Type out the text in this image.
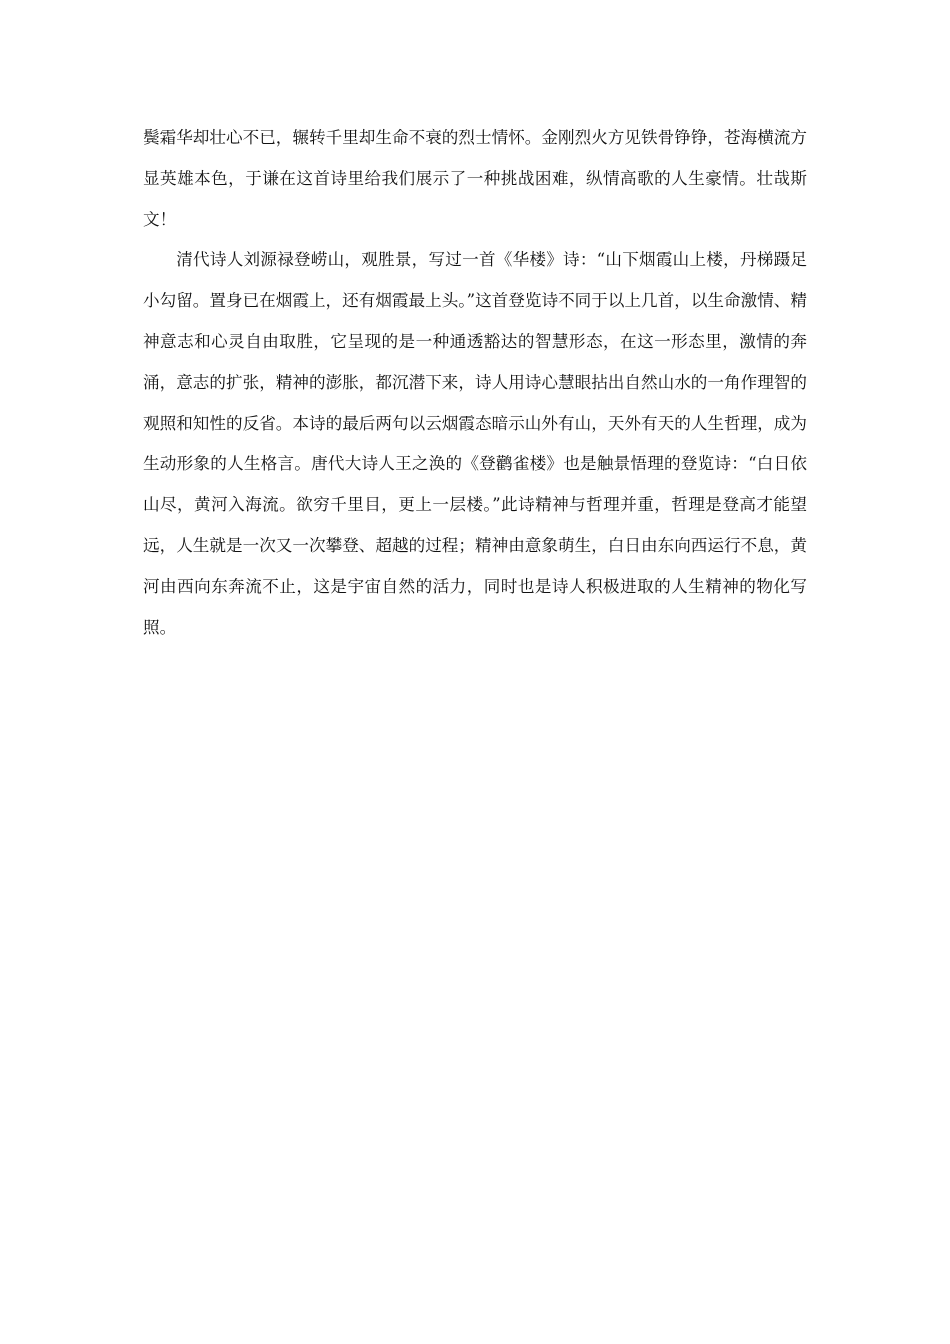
鬓霜华却壮心不已，辗转千里却生命不衰的烈士情怀。金刚烈火方见铁骨铮铮，苍海横流方显英雄本色，于谦在这首诗里给我们展示了一种挑战困难，纵情高歌的人生豪情。壮哉斯文！

清代诗人刘源禄登崂山，观胜景，写过一首《华楼》诗：“山下烟霞山上楼，丹梯蹑足小勾留。置身已在烟霞上，还有烟霞最上头。”这首登览诗不同于以上几首，以生命激情、精神意志和心灵自由取胜，它呈现的是一种通透豁达的智慧形态，在这一形态里，激情的奔涌，意志的扩张，精神的澎胀，都沉潜下来，诗人用诗心慧眼拈出自然山水的一角作理智的观照和知性的反省。本诗的最后两句以云烟霞态暗示山外有山，天外有天的人生哲理，成为生动形象的人生格言。唐代大诗人王之涣的《登鹳雀楼》也是触景悟理的登览诗：“白日依山尽，黄河入海流。欲穷千里目，更上一层楼。”此诗精神与哲理并重，哲理是登高才能望远，人生就是一次又一次攀登、超越的过程；精神由意象萌生，白日由东向西运行不息，黄河由西向东奔流不止，这是宇宙自然的活力，同时也是诗人积极进取的人生精神的物化写照。
